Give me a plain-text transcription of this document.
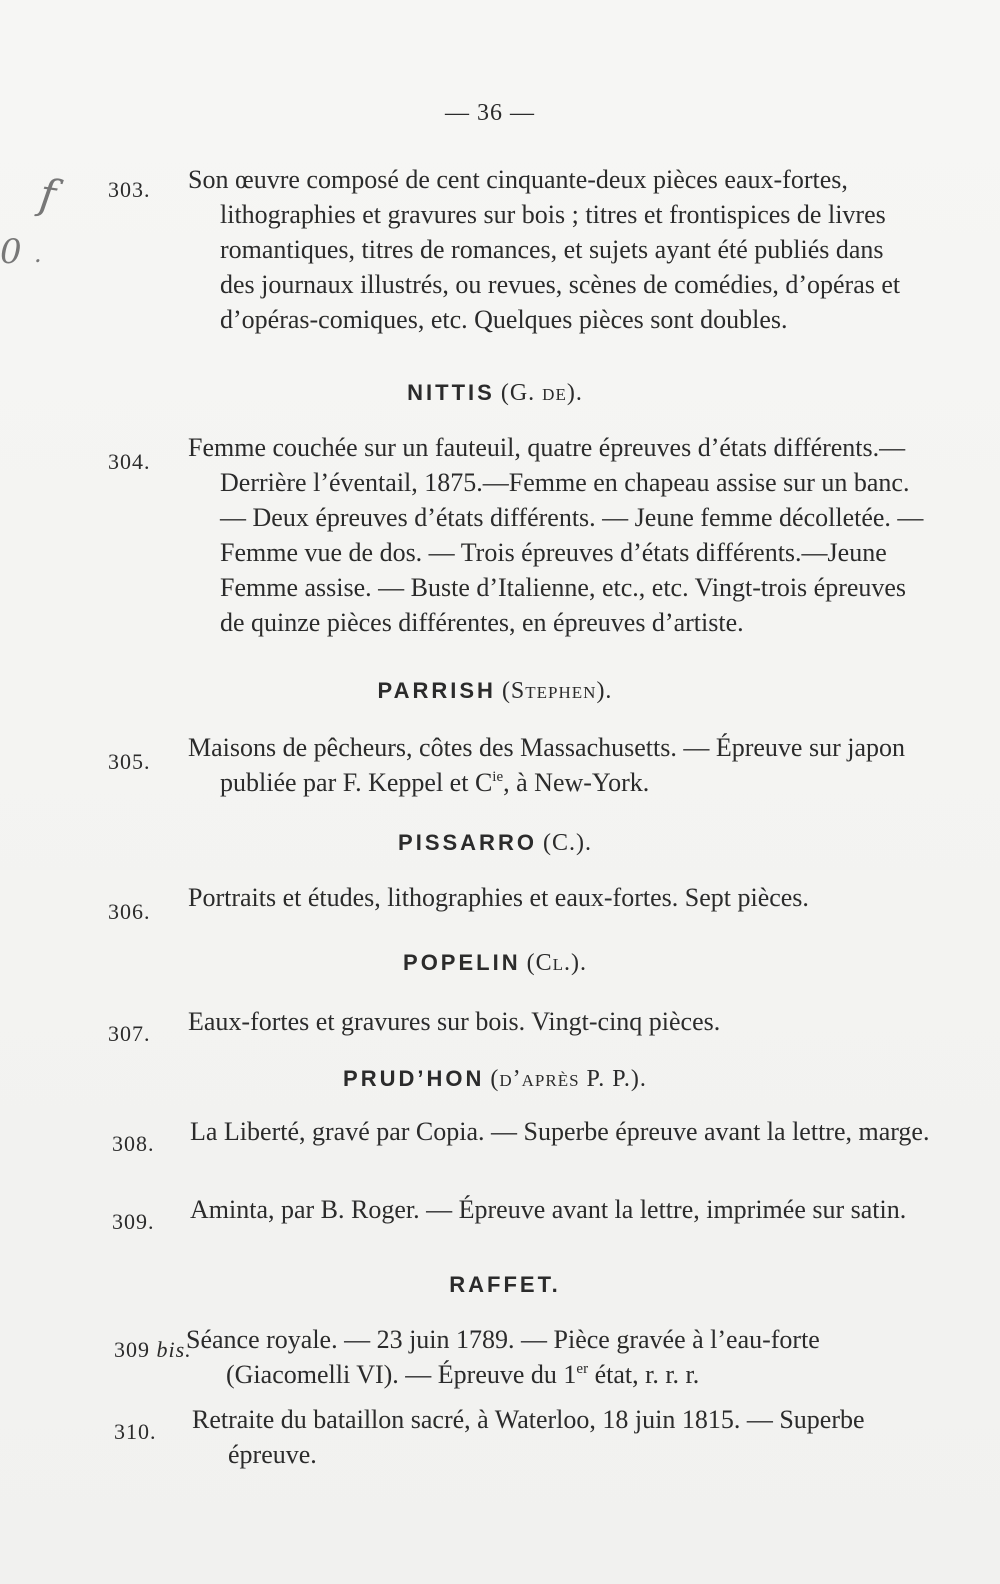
— 36 —
f
0 .
303. Son œuvre composé de cent cinquante-deux pièces eaux-fortes, lithographies et gravures sur bois ; titres et frontispices de livres romantiques, titres de romances, et sujets ayant été publiés dans des journaux illustrés, ou revues, scènes de comédies, d’opéras et d’opéras-comiques, etc. Quelques pièces sont doubles.
NITTIS (G. de).
304. Femme couchée sur un fauteuil, quatre épreuves d’états différents.—Derrière l’éventail, 1875.—Femme en chapeau assise sur un banc. — Deux épreuves d’états différents. — Jeune femme décolletée. — Femme vue de dos. — Trois épreuves d’états différents.—Jeune Femme assise. — Buste d’Italienne, etc., etc. Vingt-trois épreuves de quinze pièces différentes, en épreuves d’artiste.
PARRISH (Stephen).
305. Maisons de pêcheurs, côtes des Massachusetts. — Épreuve sur japon publiée par F. Keppel et $C^{ie}$, à New-York.
PISSARRO (C.).
306. Portraits et études, lithographies et eaux-fortes. Sept pièces.
POPELIN (Cl.).
307. Eaux-fortes et gravures sur bois. Vingt-cinq pièces.
PRUD’HON (d’après P. P.).
308. La Liberté, gravé par Copia. — Superbe épreuve avant la lettre, marge.
309. Aminta, par B. Roger. — Épreuve avant la lettre, imprimée sur satin.
RAFFET.
309 bis.
Séance royale. — 23 juin 1789. — Pièce gravée à l’eau-forte (Giacomelli VI). — Épreuve du 1er état, r. r. r.
310. Retraite du bataillon sacré, à Waterloo, 18 juin 1815. — Superbe épreuve.
